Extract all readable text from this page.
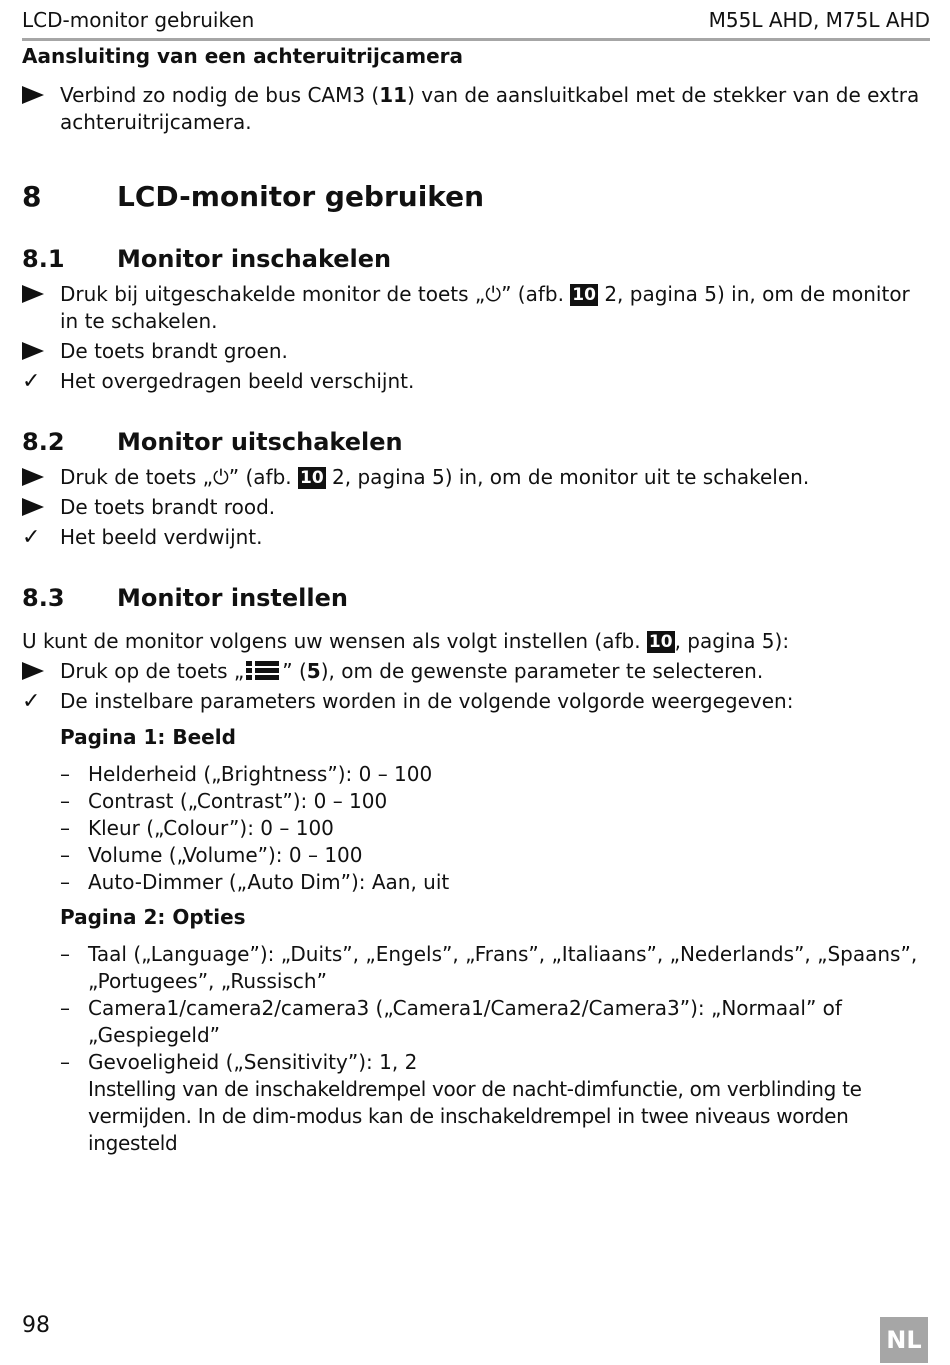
LCD-monitor gebruiken	M55L AHD, M75L AHD
Aansluiting van een achteruitrijcamera
Verbind zo nodig de bus CAM3 (11) van de aansluitkabel met de stekker van de extra achteruitrijcamera.
8	LCD-monitor gebruiken
8.1 Monitor inschakelen
Druk bij uitgeschakelde monitor de toets „⏻” (afb. 10 2, pagina 5) in, om de monitor in te schakelen.
De toets brandt groen.
✓ Het overgedragen beeld verschijnt.
8.2 Monitor uitschakelen
Druk de toets „⏻” (afb. 10 2, pagina 5) in, om de monitor uit te schakelen.
De toets brandt rood.
✓ Het beeld verdwijnt.
8.3 Monitor instellen
U kunt de monitor volgens uw wensen als volgt instellen (afb. 10 , pagina 5):
Druk op de toets „ ” (5), om de gewenste parameter te selecteren.
✓ De instelbare parameters worden in de volgende volgorde weergegeven:
Pagina 1: Beeld
– Helderheid („Brightness”): 0 – 100
– Contrast („Contrast”): 0 – 100
– Kleur („Colour”): 0 – 100
– Volume („Volume”): 0 – 100
– Auto-Dimmer („Auto Dim”): Aan, uit
Pagina 2: Opties
– Taal („Language”): „Duits”, „Engels”, „Frans”, „Italiaans”, „Nederlands”, „Spaans”, „Portugees”, „Russisch”
– Camera1/camera2/camera3 („Camera1/Camera2/Camera3”): „Normaal” of „Gespiegeld”
– Gevoeligheid („Sensitivity”): 1, 2
Instelling van de inschakeldrempel voor de nacht-dimfunctie, om verblinding te vermijden. In de dim-modus kan de inschakeldrempel in twee niveaus worden ingesteld
98
NL
